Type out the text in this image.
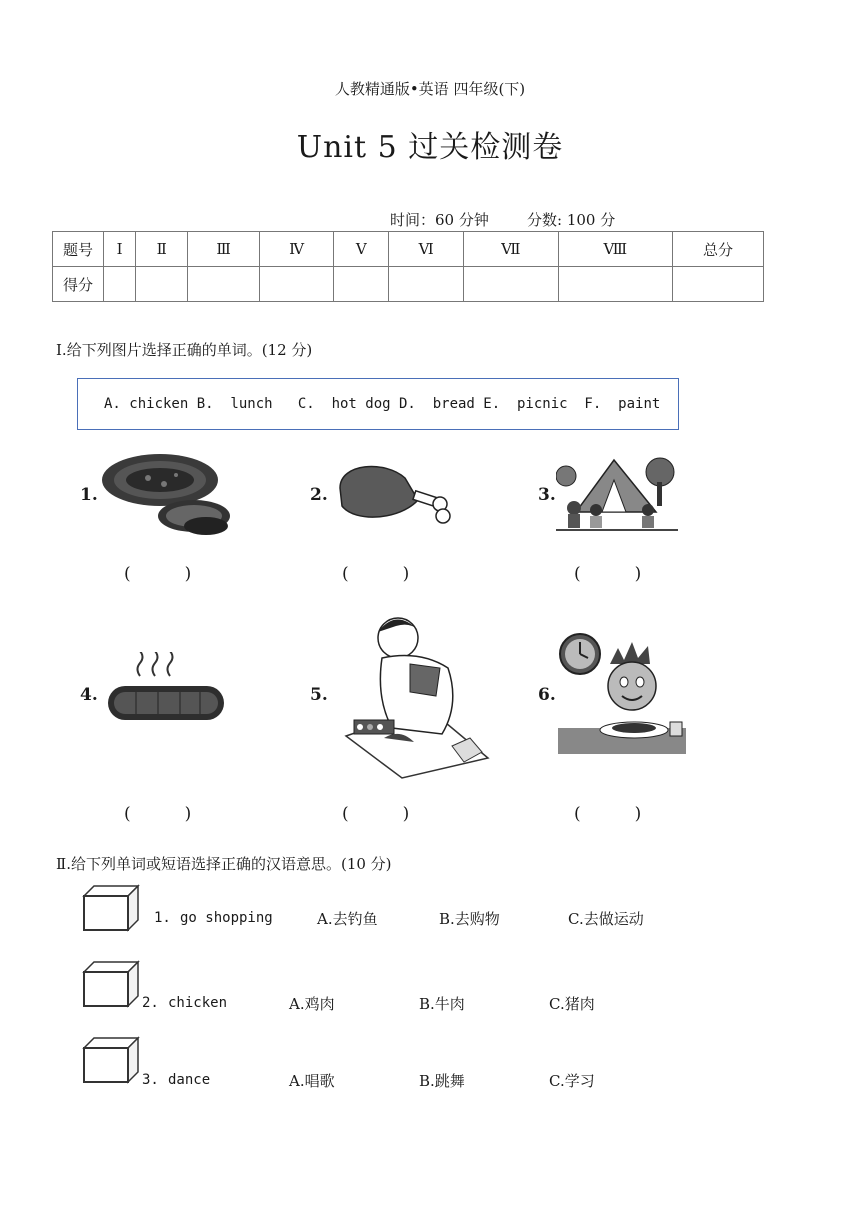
人教精通版•英语 四年级(下)
Unit 5 过关检测卷
时间：60 分钟	分数: 100 分
题号	Ⅰ	Ⅱ	Ⅲ	Ⅳ	Ⅴ	Ⅵ	Ⅶ	Ⅷ	总分
得分									
Ⅰ.给下列图片选择正确的单词。(12 分)
A. chicken B.  lunch   C.  hot dog D.  bread E.  picnic  F.  paint
1.
(          )
2.
(          )
3.
(          )
4.
(          )
5.
(          )
6.
(          )
Ⅱ.给下列单词或短语选择正确的汉语意思。(10 分)
1. go shopping	A.去钓鱼	B.去购物	C.去做运动
2. chicken	A.鸡肉	B.牛肉	C.猪肉
3. dance	A.唱歌	B.跳舞	C.学习
